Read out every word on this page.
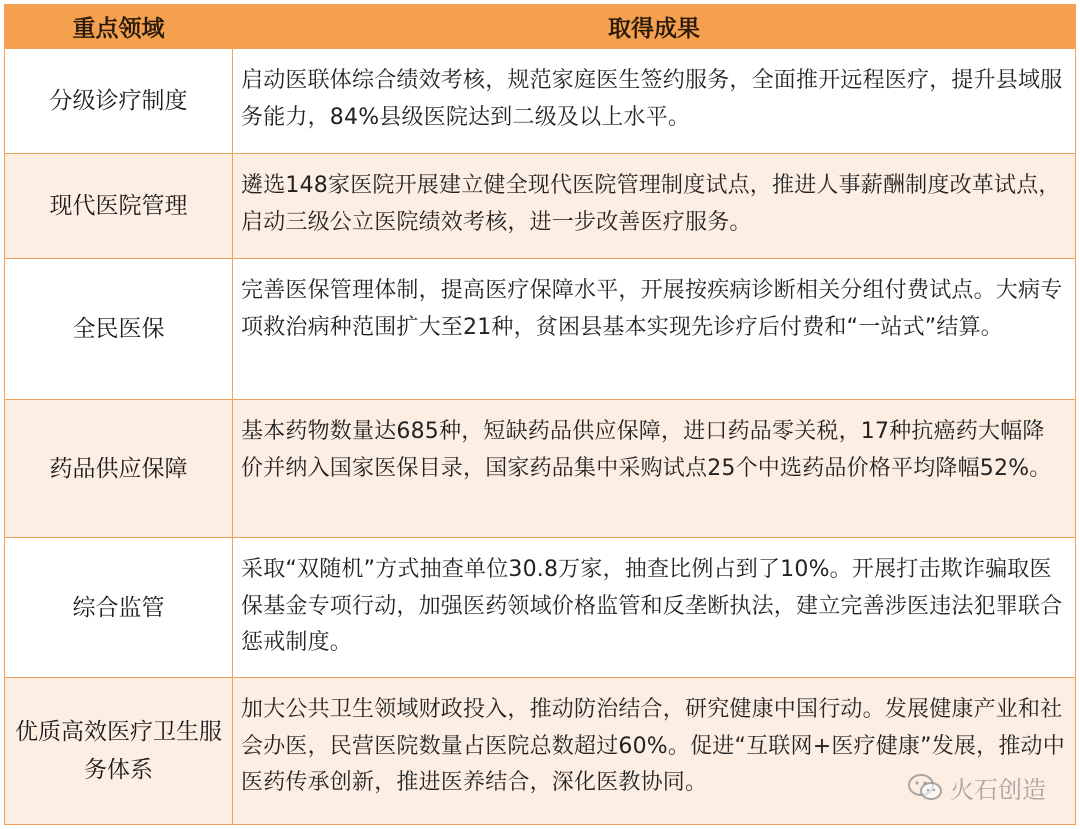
重点领域	取得成果
分级诊疗制度
启动医联体综合绩效考核，规范家庭医生签约服务，全面推开远程医疗，提升县域服务能力，84%县级医院达到二级及以上水平。
现代医院管理
遴选148家医院开展建立健全现代医院管理制度试点，推进人事薪酬制度改革试点，启动三级公立医院绩效考核，进一步改善医疗服务。
全民医保
完善医保管理体制，提高医疗保障水平，开展按疾病诊断相关分组付费试点。大病专项救治病种范围扩大至21种，贫困县基本实现先诊疗后付费和“一站式”结算。
药品供应保障
基本药物数量达685种，短缺药品供应保障，进口药品零关税，17种抗癌药大幅降价并纳入国家医保目录，国家药品集中采购试点25个中选药品价格平均降幅52%。
综合监管
采取“双随机”方式抽查单位30.8万家，抽查比例占到了10%。开展打击欺诈骗取医保基金专项行动，加强医药领域价格监管和反垄断执法，建立完善涉医违法犯罪联合惩戒制度。
优质高效医疗卫生服务体系
加大公共卫生领域财政投入，推动防治结合，研究健康中国行动。发展健康产业和社会办医，民营医院数量占医院总数超过60%。促进“互联网+医疗健康”发展，推动中医药传承创新，推进医养结合，深化医教协同。	火石创造
